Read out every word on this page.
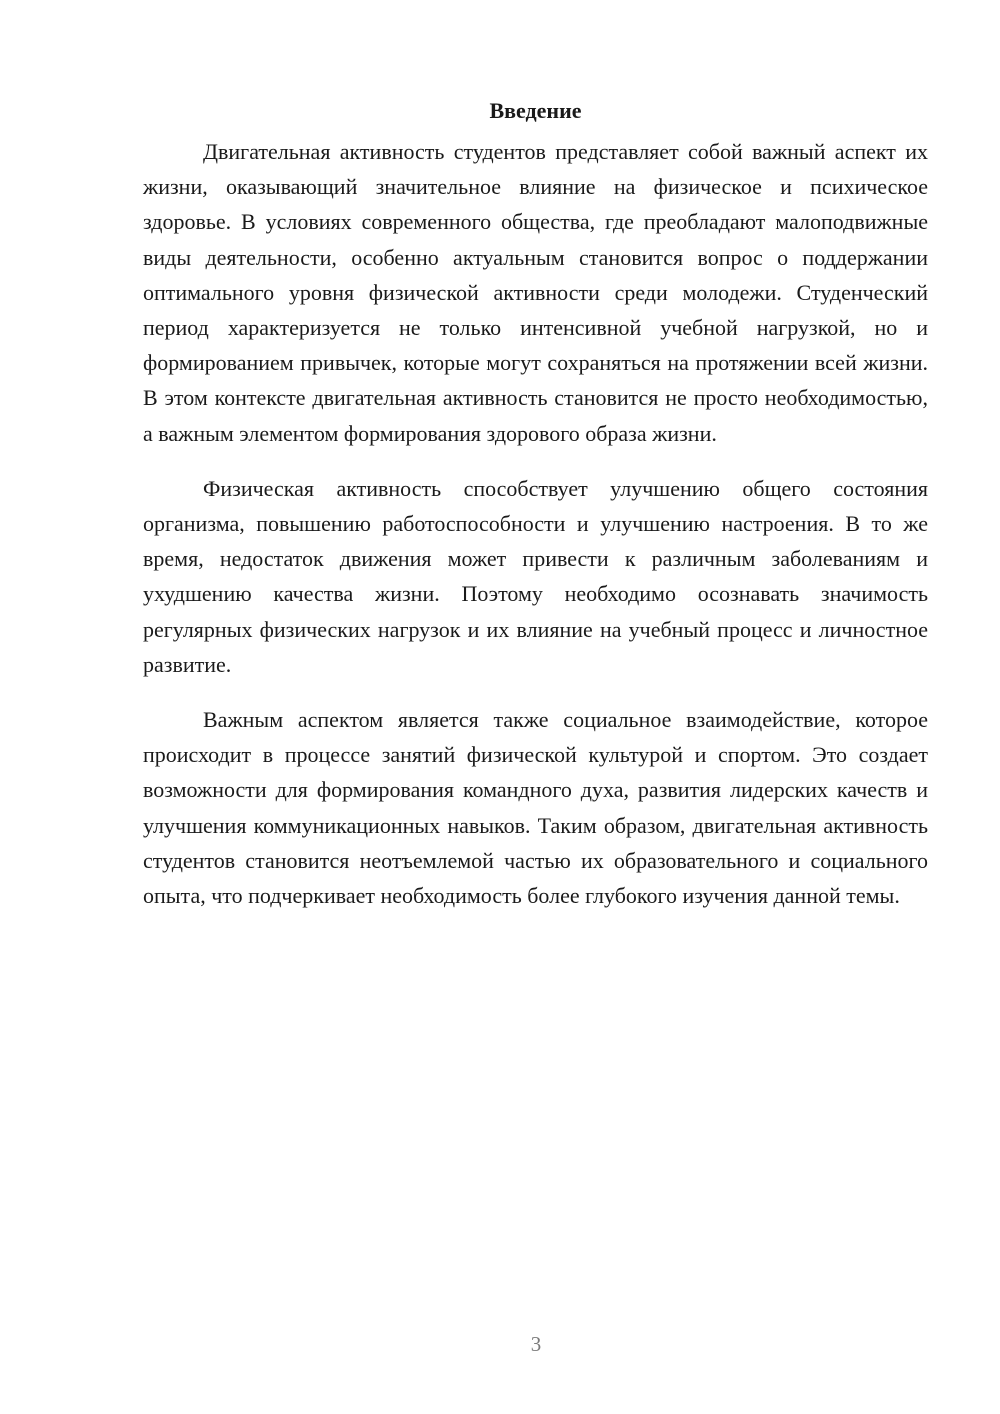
Введение

Двигательная активность студентов представляет собой важный аспект их жизни, оказывающий значительное влияние на физическое и психическое здоровье. В условиях современного общества, где преобладают малоподвижные виды деятельности, особенно актуальным становится вопрос о поддержании оптимального уровня физической активности среди молодежи. Студенческий период характеризуется не только интенсивной учебной нагрузкой, но и формированием привычек, которые могут сохраняться на протяжении всей жизни. В этом контексте двигательная активность становится не просто необходимостью, а важным элементом формирования здорового образа жизни.

Физическая активность способствует улучшению общего состояния организма, повышению работоспособности и улучшению настроения. В то же время, недостаток движения может привести к различным заболеваниям и ухудшению качества жизни. Поэтому необходимо осознавать значимость регулярных физических нагрузок и их влияние на учебный процесс и личностное развитие.

Важным аспектом является также социальное взаимодействие, которое происходит в процессе занятий физической культурой и спортом. Это создает возможности для формирования командного духа, развития лидерских качеств и улучшения коммуникационных навыков. Таким образом, двигательная активность студентов становится неотъемлемой частью их образовательного и социального опыта, что подчеркивает необходимость более глубокого изучения данной темы.

3
